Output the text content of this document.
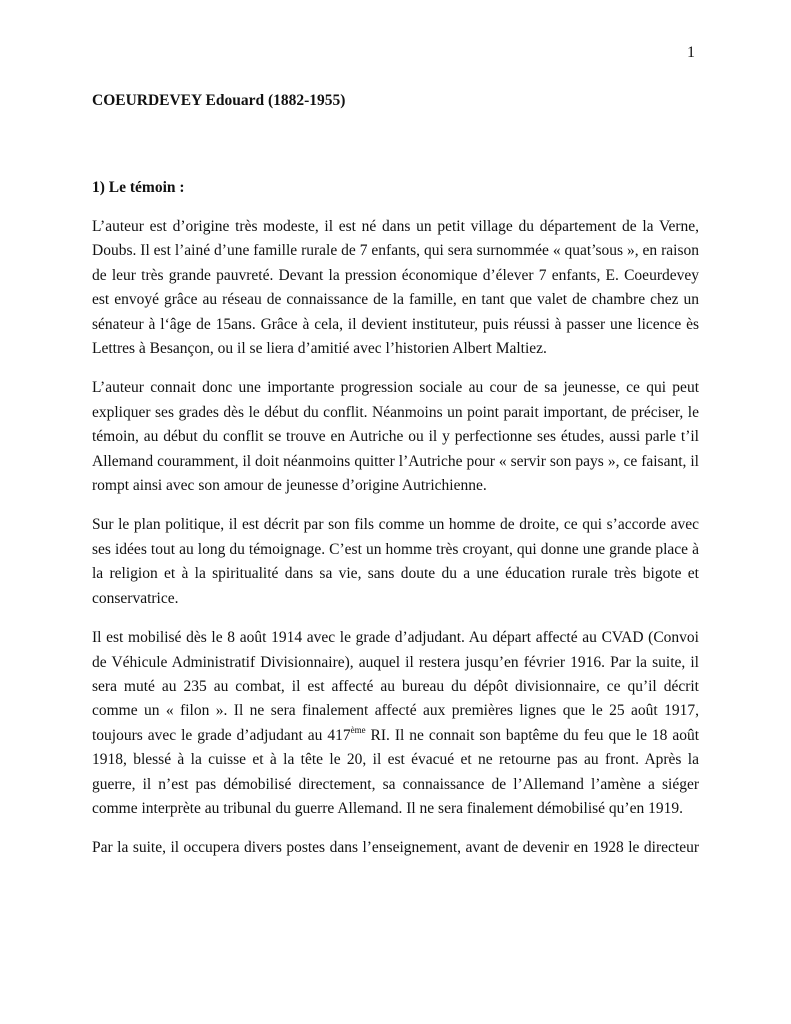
1
COEURDEVEY Edouard (1882-1955)
1) Le témoin :

L’auteur est d’origine très modeste, il est né dans un petit village du département de la Verne,
Doubs. Il est l’ainé d’une famille rurale de 7 enfants, qui sera surnommée « quat’sous », en raison
de leur très grande pauvreté. Devant la pression économique d’élever 7 enfants, E. Coeurdevey
est envoyé grâce au réseau de connaissance de la famille, en tant que valet de chambre chez un
sénateur à l‘âge de 15ans. Grâce à cela, il devient instituteur, puis réussi à passer une licence ès
Lettres à Besançon, ou il se liera d’amitié avec l’historien Albert Maltiez.

L’auteur connait donc une importante progression sociale au cour de sa jeunesse, ce qui peut
expliquer ses grades dès le début du conflit. Néanmoins un point parait important, de préciser, le
témoin, au début du conflit se trouve en Autriche ou il y perfectionne ses études, aussi parle t’il
Allemand couramment, il doit néanmoins quitter l’Autriche pour « servir son pays », ce faisant, il
rompt ainsi avec son amour de jeunesse d’origine Autrichienne.

Sur le plan politique, il est décrit par son fils comme un homme de droite, ce qui s’accorde avec
ses idées tout au long du témoignage. C’est un homme très croyant, qui donne une grande place à
la religion et à la spiritualité dans sa vie, sans doute du a une éducation rurale très bigote et
conservatrice.

Il est mobilisé dès le 8 août 1914 avec le grade d’adjudant. Au départ affecté au CVAD (Convoi
de Véhicule Administratif Divisionnaire), auquel il restera jusqu’en février 1916. Par la suite, il
sera muté au 235 au combat, il est affecté au bureau du dépôt divisionnaire, ce qu’il décrit
comme un « filon ». Il ne sera finalement affecté aux premières lignes que le 25 août 1917,
toujours avec le grade d’adjudant au 417ème RI. Il ne connait son baptême du feu que le 18 août
1918, blessé à la cuisse et à la tête le 20, il est évacué et ne retourne pas au front. Après la
guerre, il n’est pas démobilisé directement, sa connaissance de l’Allemand l’amène a siéger
comme interprète au tribunal du guerre Allemand. Il ne sera finalement démobilisé qu’en 1919.

Par la suite, il occupera divers postes dans l’enseignement, avant de devenir en 1928 le directeur
